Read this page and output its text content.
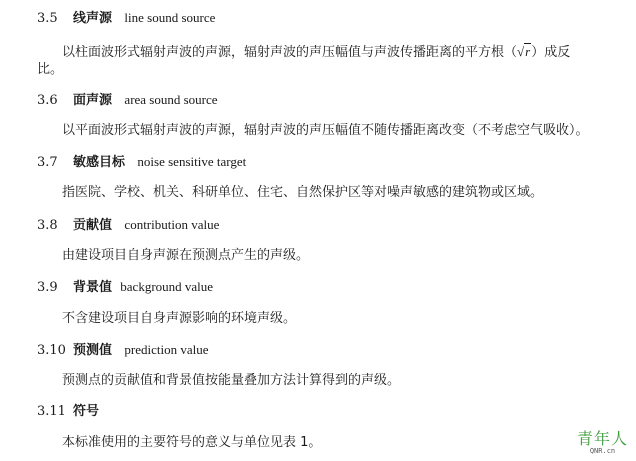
3.5 线声源 line sound source
以柱面波形式辐射声波的声源，辐射声波的声压幅值与声波传播距离的平方根（√r）成反
比。
3.6 面声源 area sound source
以平面波形式辐射声波的声源，辐射声波的声压幅值不随传播距离改变（不考虑空气吸收）。
3.7 敏感目标 noise sensitive target
指医院、学校、机关、科研单位、住宅、自然保护区等对噪声敏感的建筑物或区域。
3.8 贡献值 contribution value
由建设项目自身声源在预测点产生的声级。
3.9 背景值 background value
不含建设项目自身声源影响的环境声级。
3.10 预测值 prediction value
预测点的贡献值和背景值按能量叠加方法计算得到的声级。
3.11 符号
本标准使用的主要符号的意义与单位见表 1。	青年人
QNR.cn
